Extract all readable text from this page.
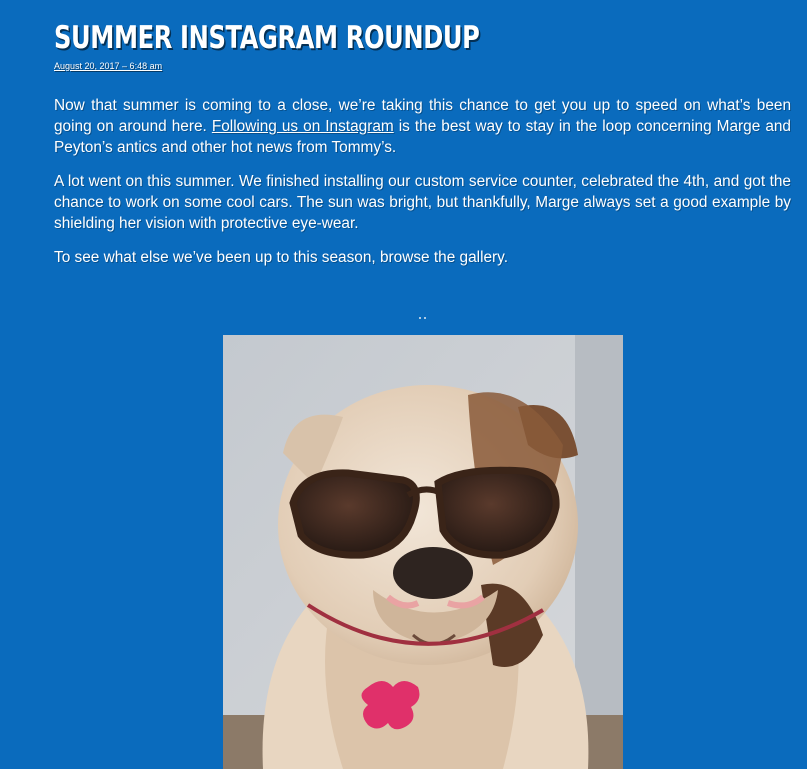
SUMMER INSTAGRAM ROUNDUP
August 20, 2017 – 6:48 am

Now that summer is coming to a close, we’re taking this chance to get you up to speed on what’s been going on around here. Following us on Instagram is the best way to stay in the loop concerning Marge and Peyton’s antics and other hot news from Tommy’s.

A lot went on this summer. We finished installing our custom service counter, celebrated the 4th, and got the chance to work on some cool cars. The sun was bright, but thankfully, Marge always set a good example by shielding her vision with protective eye-wear.

To see what else we’ve been up to this season, browse the gallery.
